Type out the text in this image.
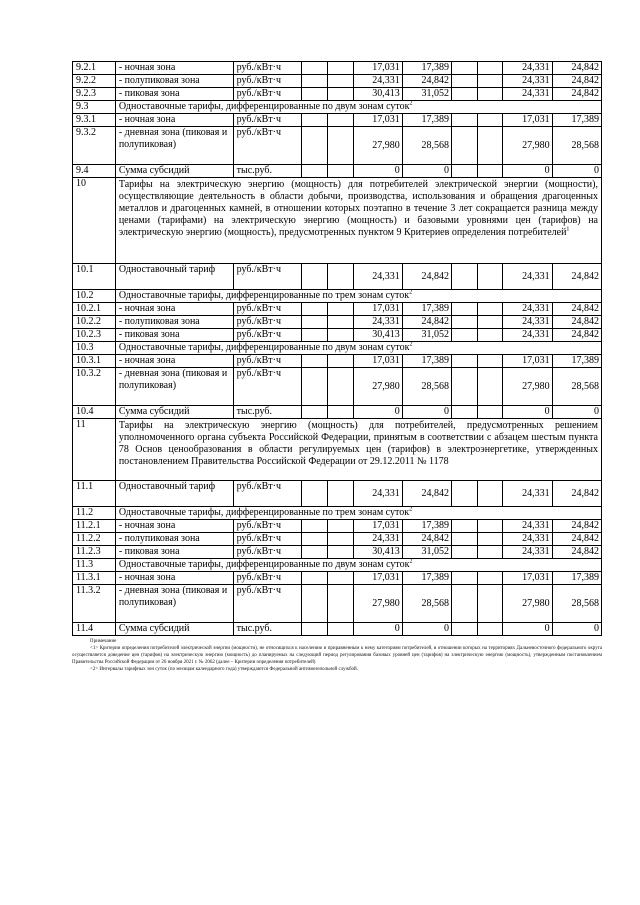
9.2.1	- ночная зона	руб./кВт·ч			17,031	17,389			24,331	24,842
9.2.2	- полупиковая зона	руб./кВт·ч			24,331	24,842			24,331	24,842
9.2.3	- пиковая зона	руб./кВт·ч			30,413	31,052			24,331	24,842
9.3	Одноставочные тарифы, дифференцированные по двум зонам суток$^2$
9.3.1	- ночная зона	руб./кВт·ч			17,031	17,389			17,031	17,389
9.3.2	- дневная зона (пиковая и полупиковая)	руб./кВт·ч			27,980	28,568			27,980	28,568
9.4	Сумма субсидий	тыс.руб.			0	0			0	0
10	Тарифы на электрическую энергию (мощность) для потребителей электрической энергии (мощности), осуществляющие деятельность в области добычи, производства, использования и обращения драгоценных металлов и драгоценных камней, в отношении которых поэтапно в течение 3 лет сокращается разница между ценами (тарифами) на электрическую энергию (мощность) и базовыми уровнями цен (тарифов) на электрическую энергию (мощность), предусмотренных пунктом 9 Критериев определения потребителей$^1$
10.1	Одноставочный тариф	руб./кВт·ч			24,331	24,842			24,331	24,842
10.2	Одноставочные тарифы, дифференцированные по трем зонам суток$^2$
10.2.1	- ночная зона	руб./кВт·ч			17,031	17,389			24,331	24,842
10.2.2	- полупиковая зона	руб./кВт·ч			24,331	24,842			24,331	24,842
10.2.3	- пиковая зона	руб./кВт·ч			30,413	31,052			24,331	24,842
10.3	Одноставочные тарифы, дифференцированные по двум зонам суток$^2$
10.3.1	- ночная зона	руб./кВт·ч			17,031	17,389			17,031	17,389
10.3.2	- дневная зона (пиковая и полупиковая)	руб./кВт·ч			27,980	28,568			27,980	28,568
10.4	Сумма субсидий	тыс.руб.			0	0			0	0
11	Тарифы на электрическую энергию (мощность) для потребителей, предусмотренных решением уполномоченного органа субъекта Российской Федерации, принятым в соответствии с абзацем шестым пункта 78 Основ ценообразования в области регулируемых цен (тарифов) в электроэнергетике, утвержденных постановлением Правительства Российской Федерации от 29.12.2011 № 1178									
11.1	Одноставочный тариф	руб./кВт·ч			24,331	24,842			24,331	24,842
11.2	Одноставочные тарифы, дифференцированные по трем зонам суток$^2$
11.2.1	- ночная зона	руб./кВт·ч			17,031	17,389			24,331	24,842
11.2.2	- полупиковая зона	руб./кВт·ч			24,331	24,842			24,331	24,842
11.2.3	- пиковая зона	руб./кВт·ч			30,413	31,052			24,331	24,842
11.3	Одноставочные тарифы, дифференцированные по двум зонам суток$^2$
11.3.1	- ночная зона	руб./кВт·ч			17,031	17,389			17,031	17,389
11.3.2	- дневная зона (пиковая и полупиковая)	руб./кВт·ч			27,980	28,568			27,980	28,568
11.4	Сумма субсидий	тыс.руб.			0	0			0	0
Примечание
<1> Критерии определения потребителей электрической энергии (мощности), не относящихся к населению и приравненным к нему категориям потребителей, в отношении которых на территориях Дальневосточного федерального округа осуществляется доведение цен (тарифов) на электрическую энергию (мощность) до планируемых на следующий период регулирования базовых уровней цен (тарифов) на электрическую энергию (мощность), утвержденным постановлением Правительства Российской Федерации от 26 ноября 2021 г. № 2062 (далее – Критерии определения потребителей)
<2> Интервалы тарифных зон суток (по месяцам календарного года) утверждаются Федеральной антимонопольной службой.
